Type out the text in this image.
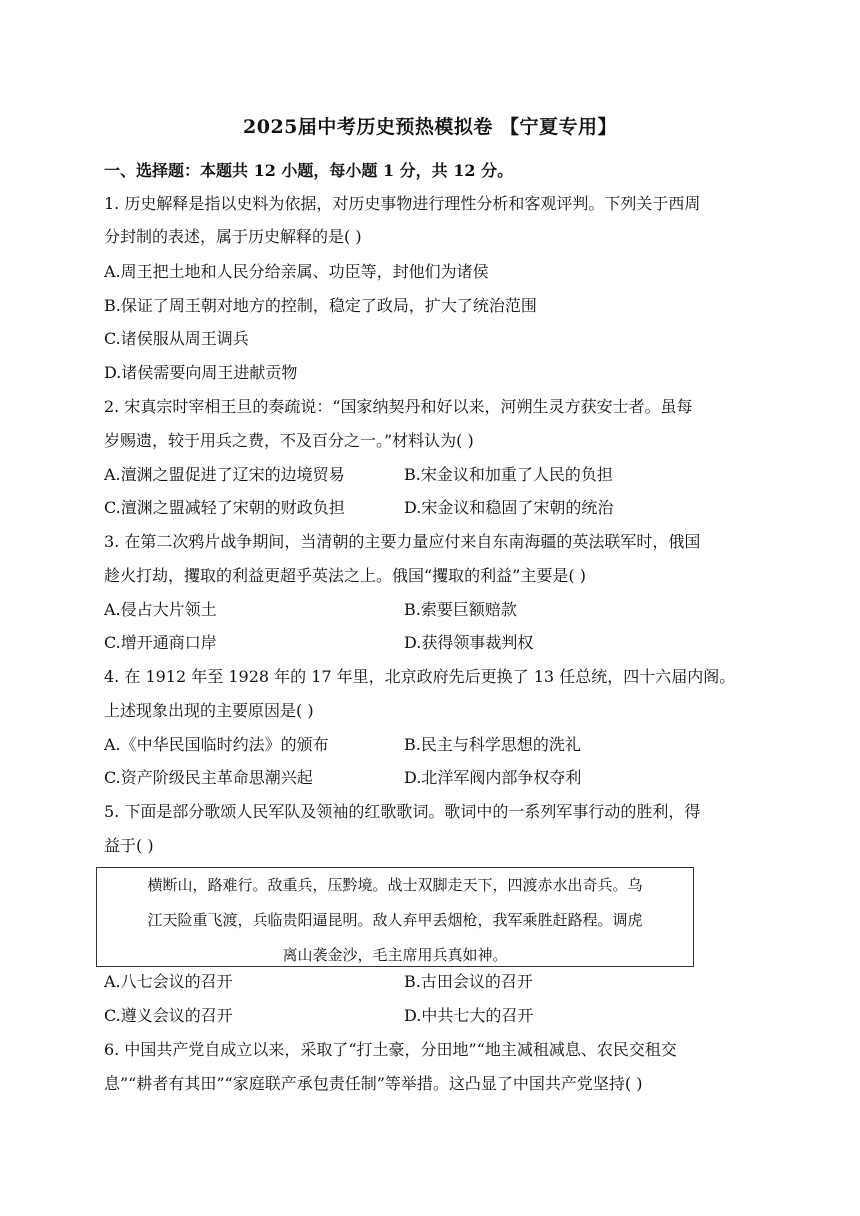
2025届中考历史预热模拟卷 【宁夏专用】
一、选择题：本题共 12 小题，每小题 1 分，共 12 分。
1. 历史解释是指以史料为依据，对历史事物进行理性分析和客观评判。下列关于西周
分封制的表述，属于历史解释的是( )
A.周王把土地和人民分给亲属、功臣等，封他们为诸侯
B.保证了周王朝对地方的控制，稳定了政局，扩大了统治范围
C.诸侯服从周王调兵
D.诸侯需要向周王进献贡物
2. 宋真宗时宰相王旦的奏疏说：“国家纳契丹和好以来，河朔生灵方获安士者。虽每
岁赐遗，较于用兵之费，不及百分之一。”材料认为( )
A.澶渊之盟促进了辽宋的边境贸易	B.宋金议和加重了人民的负担
C.澶渊之盟减轻了宋朝的财政负担	D.宋金议和稳固了宋朝的统治
3. 在第二次鸦片战争期间，当清朝的主要力量应付来自东南海疆的英法联军时，俄国
趁火打劫，攫取的利益更超乎英法之上。俄国“攫取的利益”主要是( )
A.侵占大片领土	B.索要巨额赔款
C.增开通商口岸	D.获得领事裁判权
4. 在 1912 年至 1928 年的 17 年里，北京政府先后更换了 13 任总统，四十六届内阁。
上述现象出现的主要原因是( )
A.《中华民国临时约法》的颁布	B.民主与科学思想的洗礼
C.资产阶级民主革命思潮兴起	D.北洋军阀内部争权夺利
5. 下面是部分歌颂人民军队及领袖的红歌歌词。歌词中的一系列军事行动的胜利，得
益于( )
横断山，路难行。敌重兵，压黔境。战士双脚走天下，四渡赤水出奇兵。乌
江天险重飞渡，兵临贵阳逼昆明。敌人弃甲丢烟枪，我军乘胜赶路程。调虎
离山袭金沙，毛主席用兵真如神。
A.八七会议的召开	B.古田会议的召开
C.遵义会议的召开	D.中共七大的召开
6. 中国共产党自成立以来，采取了“打土豪，分田地”“地主减租减息、农民交租交
息”“耕者有其田”“家庭联产承包责任制”等举措。这凸显了中国共产党坚持( )
